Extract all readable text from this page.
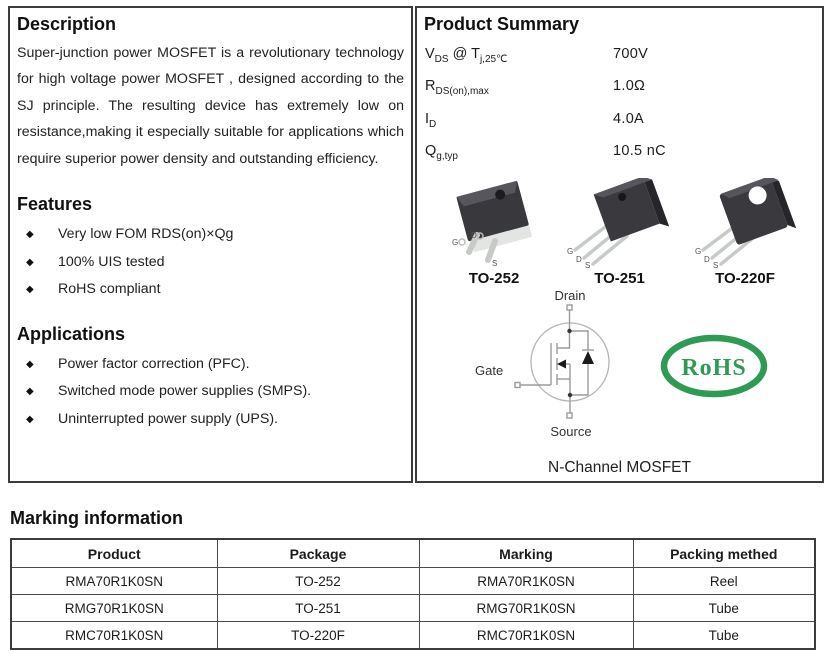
Description

Super-junction power MOSFET is a revolutionary technology for high voltage power MOSFET , designed according to the SJ principle. The resulting device has extremely low on resistance,making it especially suitable for applications which require superior power density and outstanding efficiency.

Features
◆	Very low FOM RDS(on)×Qg
◆	100% UIS tested
◆	RoHS compliant
Applications
◆	Power factor correction (PFC).
◆	Switched mode power supplies (SMPS).
◆	Uninterrupted power supply (UPS).
Product Summary
$V_{DS}$ @ $T_{j,25℃}$	700V
$R_{DS(on),max}$	1.0Ω
$I_D$	4.0A
$Q_{g,typ}$	10.5 nC
G
D
S
TO-252
G
D
S
TO-251
G
D
S
TO-220F
Drain
Gate
Source
RoHS
N-Channel MOSFET
Marking information
Product	Package	Marking	Packing methed
RMA70R1K0SN	TO-252	RMA70R1K0SN	Reel
RMG70R1K0SN	TO-251	RMG70R1K0SN	Tube
RMC70R1K0SN	TO-220F	RMC70R1K0SN	Tube
